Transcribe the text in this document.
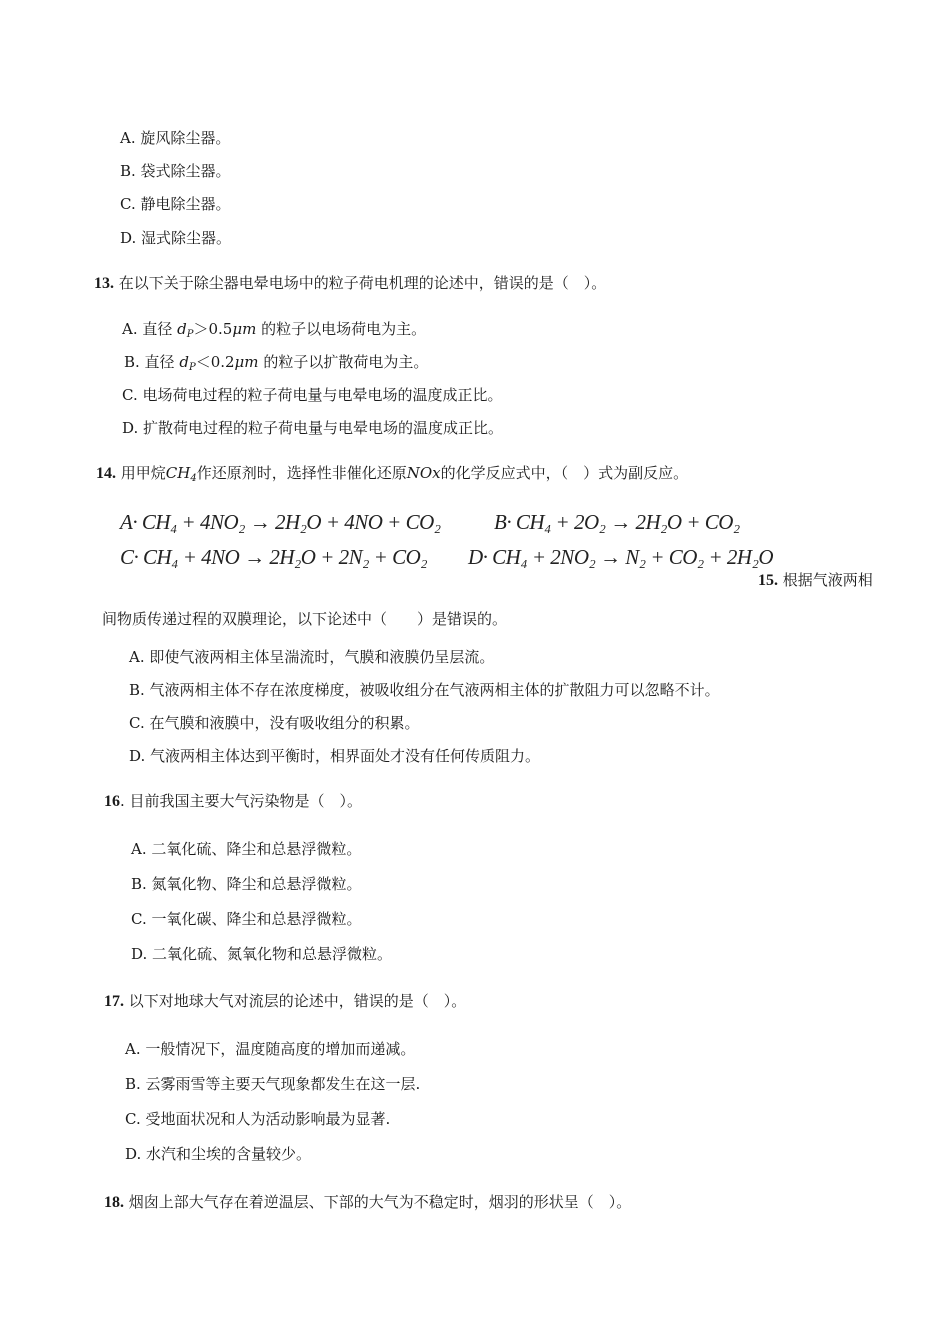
A. 旋风除尘器。
B. 袋式除尘器。
C. 静电除尘器。
D. 湿式除尘器。
13. 在以下关于除尘器电晕电场中的粒子荷电机理的论述中，错误的是（　）。
A. 直径 $d_P>0.5\mu m$ 的粒子以电场荷电为主。
B. 直径 $d_P<0.2\mu m$ 的粒子以扩散荷电为主。
C. 电场荷电过程的粒子荷电量与电晕电场的温度成正比。
D. 扩散荷电过程的粒子荷电量与电晕电场的温度成正比。
14. 用甲烷$CH_4$作还原剂时，选择性非催化还原NOx的化学反应式中，（　）式为副反应。
A· CH₄ + 4NO₂ → 2H₂O + 4NO + CO₂	B· CH₄ + 2O₂ → 2H₂O + CO₂
C· CH₄ + 4NO → 2H₂O + 2N₂ + CO₂ D· CH₄ + 2NO₂ → N₂ + CO₂ + 2H₂O
15. 根据气液两相
间物质传递过程的双膜理论，以下论述中（　　）是错误的。
A. 即使气液两相主体呈湍流时，气膜和液膜仍呈层流。
B. 气液两相主体不存在浓度梯度，被吸收组分在气液两相主体的扩散阻力可以忽略不计。
C. 在气膜和液膜中，没有吸收组分的积累。
D. 气液两相主体达到平衡时，相界面处才没有任何传质阻力。
16. 目前我国主要大气污染物是（　）。
A. 二氧化硫、降尘和总悬浮微粒。
B. 氮氧化物、降尘和总悬浮微粒。
C. 一氧化碳、降尘和总悬浮微粒。
D. 二氧化硫、氮氧化物和总悬浮微粒。
17. 以下对地球大气对流层的论述中，错误的是（　）。
A. 一般情况下，温度随高度的增加而递减。
B. 云雾雨雪等主要天气现象都发生在这一层.
C. 受地面状况和人为活动影响最为显著.
D. 水汽和尘埃的含量较少。
18. 烟囱上部大气存在着逆温层、下部的大气为不稳定时，烟羽的形状呈（　）。
